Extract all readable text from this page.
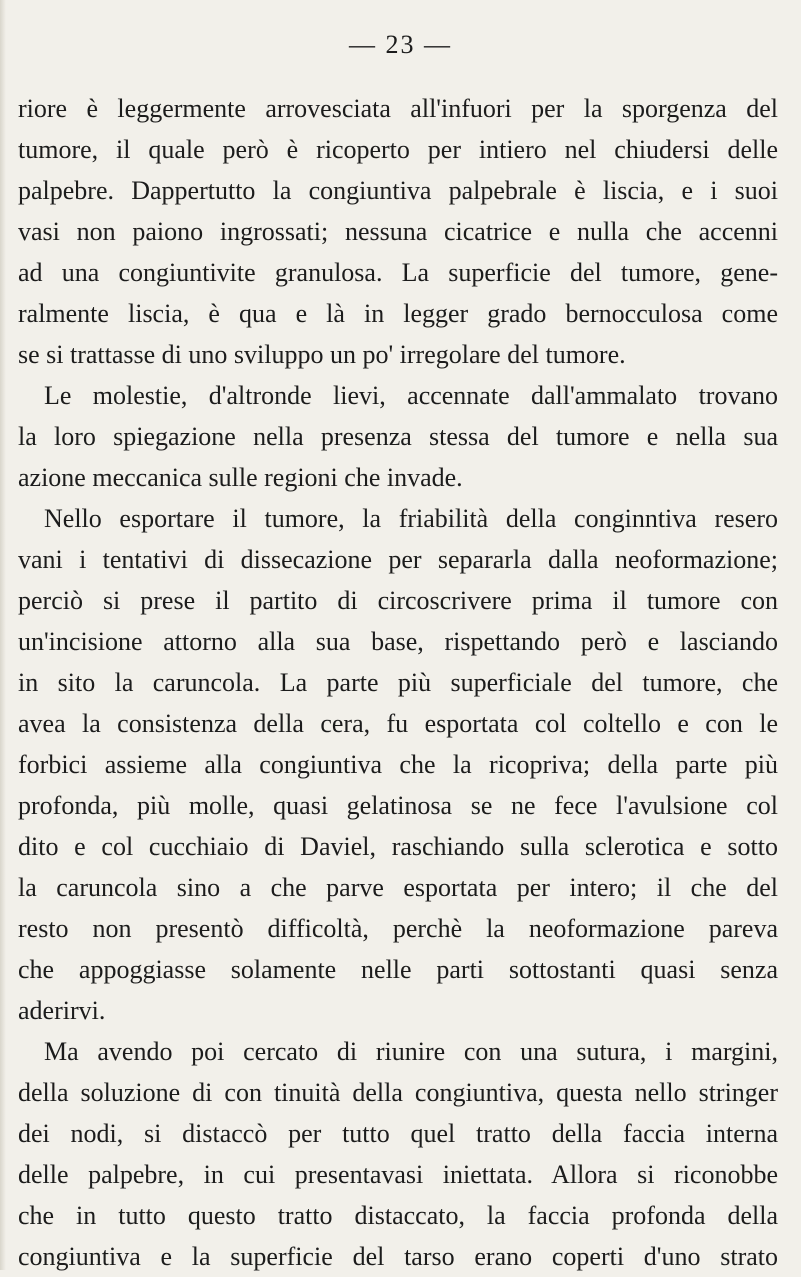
— 23 —
riore è leggermente arrovesciata all'infuori per la sporgenza del
tumore, il quale però è ricoperto per intiero nel chiudersi delle
palpebre. Dappertutto la congiuntiva palpebrale è liscia, e i suoi
vasi non paiono ingrossati; nessuna cicatrice e nulla che accenni
ad una congiuntivite granulosa. La superficie del tumore, gene-
ralmente liscia, è qua e là in legger grado bernocculosa come
se si trattasse di uno sviluppo un po' irregolare del tumore.
Le molestie, d'altronde lievi, accennate dall'ammalato trovano
la loro spiegazione nella presenza stessa del tumore e nella sua
azione meccanica sulle regioni che invade.
Nello esportare il tumore, la friabilità della conginntiva resero
vani i tentativi di dissecazione per separarla dalla neoformazione;
perciò si prese il partito di circoscrivere prima il tumore con
un'incisione attorno alla sua base, rispettando però e lasciando
in sito la caruncola. La parte più superficiale del tumore, che
avea la consistenza della cera, fu esportata col coltello e con le
forbici assieme alla congiuntiva che la ricopriva; della parte più
profonda, più molle, quasi gelatinosa se ne fece l'avulsione col
dito e col cucchiaio di Daviel, raschiando sulla sclerotica e sotto
la caruncola sino a che parve esportata per intero; il che del
resto non presentò difficoltà, perchè la neoformazione pareva
che appoggiasse solamente nelle parti sottostanti quasi senza
aderirvi.
Ma avendo poi cercato di riunire con una sutura, i margini,
della soluzione di con tinuità della congiuntiva, questa nello stringer
dei nodi, si distaccò per tutto quel tratto della faccia interna
delle palpebre, in cui presentavasi iniettata. Allora si riconobbe
che in tutto questo tratto distaccato, la faccia profonda della
congiuntiva e la superficie del tarso erano coperti d'uno strato
